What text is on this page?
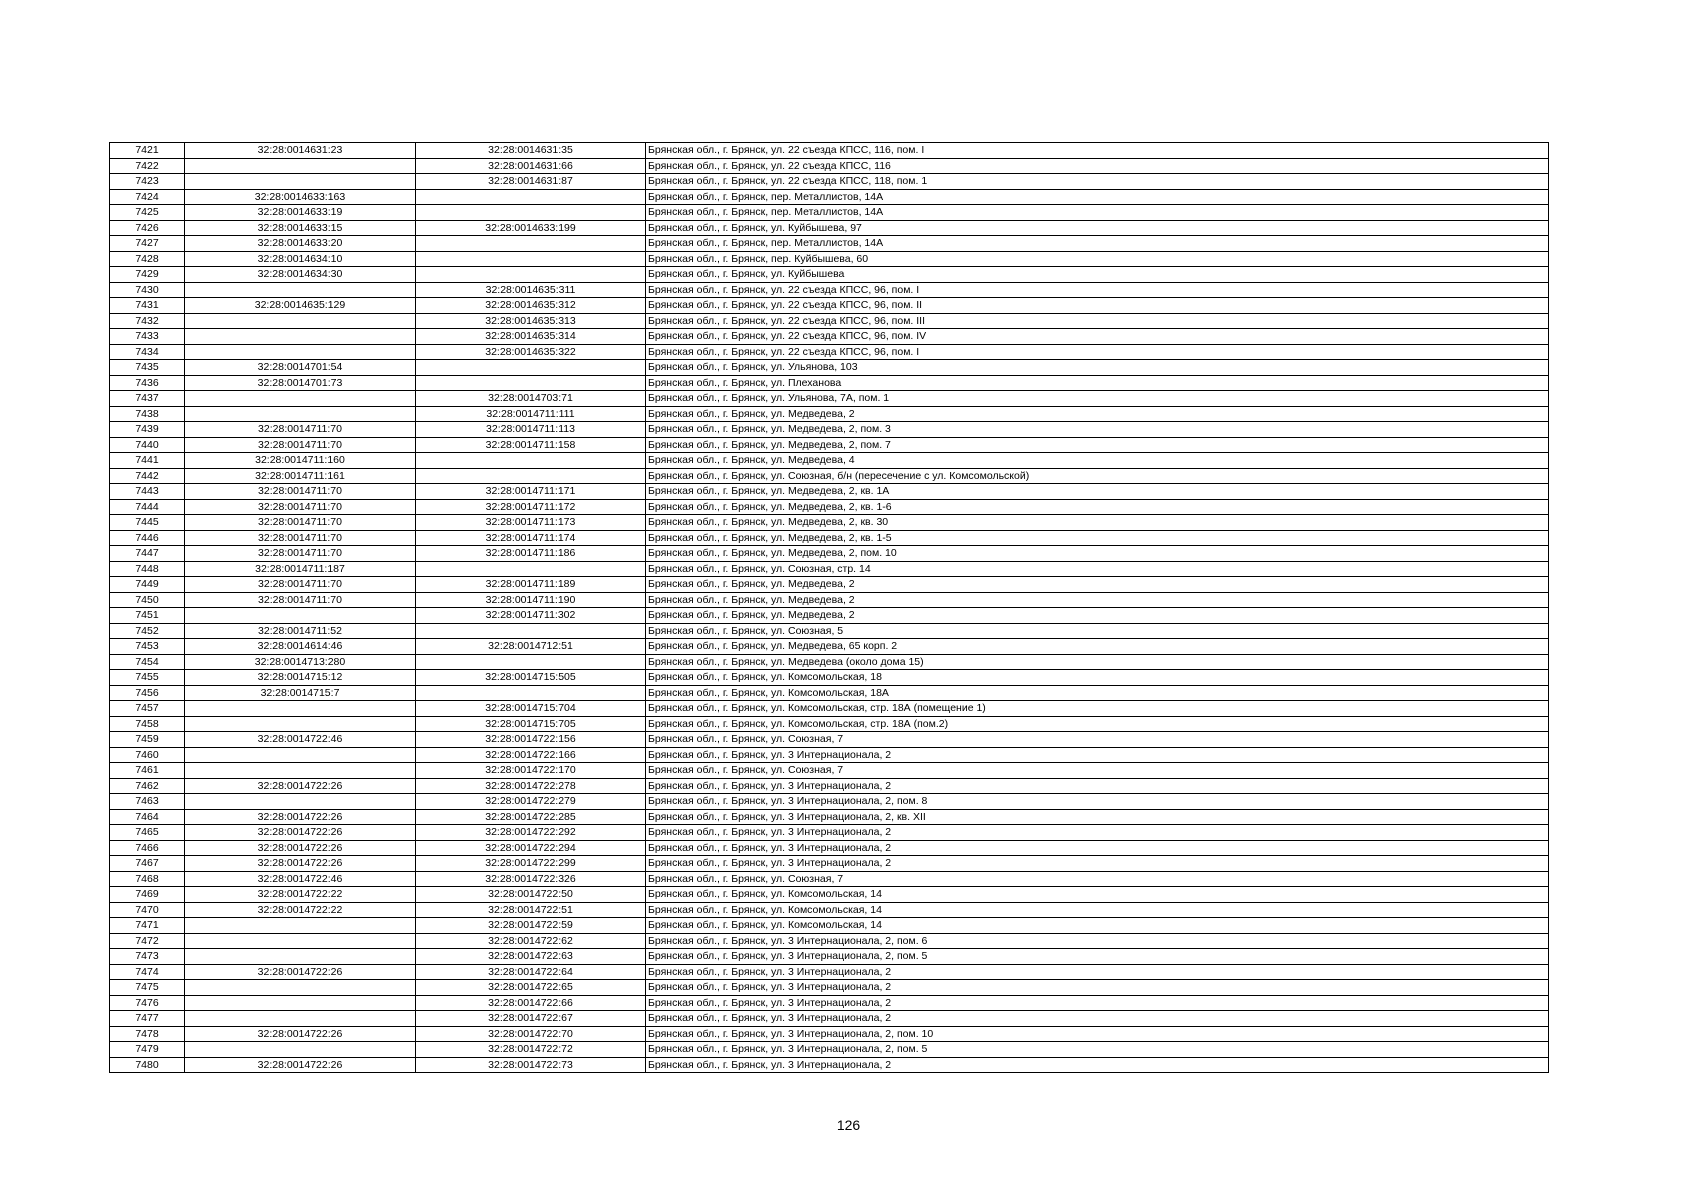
7421	32:28:0014631:23	32:28:0014631:35	Брянская обл., г. Брянск, ул. 22 съезда КПСС, 116, пом. I
7422		32:28:0014631:66	Брянская обл., г. Брянск, ул. 22 съезда КПСС, 116
7423		32:28:0014631:87	Брянская обл., г. Брянск, ул. 22 съезда КПСС, 118, пом. 1
7424	32:28:0014633:163		Брянская обл., г. Брянск, пер. Металлистов, 14А
7425	32:28:0014633:19		Брянская обл., г. Брянск, пер. Металлистов, 14А
7426	32:28:0014633:15	32:28:0014633:199	Брянская обл., г. Брянск, ул. Куйбышева, 97
7427	32:28:0014633:20		Брянская обл., г. Брянск, пер. Металлистов, 14А
7428	32:28:0014634:10		Брянская обл., г. Брянск, пер. Куйбышева, 60
7429	32:28:0014634:30		Брянская обл., г. Брянск, ул. Куйбышева
7430		32:28:0014635:311	Брянская обл., г. Брянск, ул. 22 съезда КПСС, 96, пом. I
7431	32:28:0014635:129	32:28:0014635:312	Брянская обл., г. Брянск, ул. 22 съезда КПСС, 96, пом. II
7432		32:28:0014635:313	Брянская обл., г. Брянск, ул. 22 съезда КПСС, 96, пом. III
7433		32:28:0014635:314	Брянская обл., г. Брянск, ул. 22 съезда КПСС, 96, пом. IV
7434		32:28:0014635:322	Брянская обл., г. Брянск, ул. 22 съезда КПСС, 96, пом. I
7435	32:28:0014701:54		Брянская обл., г. Брянск, ул. Ульянова, 103
7436	32:28:0014701:73		Брянская обл., г. Брянск, ул. Плеханова
7437		32:28:0014703:71	Брянская обл., г. Брянск, ул. Ульянова, 7А, пом. 1
7438		32:28:0014711:111	Брянская обл., г. Брянск, ул. Медведева, 2
7439	32:28:0014711:70	32:28:0014711:113	Брянская обл., г. Брянск, ул. Медведева, 2, пом. 3
7440	32:28:0014711:70	32:28:0014711:158	Брянская обл., г. Брянск, ул. Медведева, 2, пом. 7
7441	32:28:0014711:160		Брянская обл., г. Брянск, ул. Медведева, 4
7442	32:28:0014711:161		Брянская обл., г. Брянск, ул. Союзная, б/н (пересечение с ул. Комсомольской)
7443	32:28:0014711:70	32:28:0014711:171	Брянская обл., г. Брянск, ул. Медведева, 2, кв. 1А
7444	32:28:0014711:70	32:28:0014711:172	Брянская обл., г. Брянск, ул. Медведева, 2, кв. 1-6
7445	32:28:0014711:70	32:28:0014711:173	Брянская обл., г. Брянск, ул. Медведева, 2, кв. 30
7446	32:28:0014711:70	32:28:0014711:174	Брянская обл., г. Брянск, ул. Медведева, 2, кв. 1-5
7447	32:28:0014711:70	32:28:0014711:186	Брянская обл., г. Брянск, ул. Медведева, 2, пом. 10
7448	32:28:0014711:187		Брянская обл., г. Брянск, ул. Союзная, стр. 14
7449	32:28:0014711:70	32:28:0014711:189	Брянская обл., г. Брянск, ул. Медведева, 2
7450	32:28:0014711:70	32:28:0014711:190	Брянская обл., г. Брянск, ул. Медведева, 2
7451		32:28:0014711:302	Брянская обл., г. Брянск, ул. Медведева, 2
7452	32:28:0014711:52		Брянская обл., г. Брянск, ул. Союзная, 5
7453	32:28:0014614:46	32:28:0014712:51	Брянская обл., г. Брянск, ул. Медведева, 65 корп. 2
7454	32:28:0014713:280		Брянская обл., г. Брянск, ул. Медведева (около дома 15)
7455	32:28:0014715:12	32:28:0014715:505	Брянская обл., г. Брянск, ул. Комсомольская, 18
7456	32:28:0014715:7		Брянская обл., г. Брянск, ул. Комсомольская, 18А
7457		32:28:0014715:704	Брянская обл., г. Брянск, ул. Комсомольская, стр. 18А (помещение 1)
7458		32:28:0014715:705	Брянская обл., г. Брянск, ул. Комсомольская, стр. 18А (пом.2)
7459	32:28:0014722:46	32:28:0014722:156	Брянская обл., г. Брянск, ул. Союзная, 7
7460		32:28:0014722:166	Брянская обл., г. Брянск, ул. 3 Интернационала, 2
7461		32:28:0014722:170	Брянская обл., г. Брянск, ул. Союзная, 7
7462	32:28:0014722:26	32:28:0014722:278	Брянская обл., г. Брянск, ул. 3 Интернационала, 2
7463		32:28:0014722:279	Брянская обл., г. Брянск, ул. 3 Интернационала, 2, пом. 8
7464	32:28:0014722:26	32:28:0014722:285	Брянская обл., г. Брянск, ул. 3 Интернационала, 2, кв. XII
7465	32:28:0014722:26	32:28:0014722:292	Брянская обл., г. Брянск, ул. 3 Интернационала, 2
7466	32:28:0014722:26	32:28:0014722:294	Брянская обл., г. Брянск, ул. 3 Интернационала, 2
7467	32:28:0014722:26	32:28:0014722:299	Брянская обл., г. Брянск, ул. 3 Интернационала, 2
7468	32:28:0014722:46	32:28:0014722:326	Брянская обл., г. Брянск, ул. Союзная, 7
7469	32:28:0014722:22	32:28:0014722:50	Брянская обл., г. Брянск, ул. Комсомольская, 14
7470	32:28:0014722:22	32:28:0014722:51	Брянская обл., г. Брянск, ул. Комсомольская, 14
7471		32:28:0014722:59	Брянская обл., г. Брянск, ул. Комсомольская, 14
7472		32:28:0014722:62	Брянская обл., г. Брянск, ул. 3 Интернационала, 2, пом. 6
7473		32:28:0014722:63	Брянская обл., г. Брянск, ул. 3 Интернационала, 2, пом. 5
7474	32:28:0014722:26	32:28:0014722:64	Брянская обл., г. Брянск, ул. 3 Интернационала, 2
7475		32:28:0014722:65	Брянская обл., г. Брянск, ул. 3 Интернационала, 2
7476		32:28:0014722:66	Брянская обл., г. Брянск, ул. 3 Интернационала, 2
7477		32:28:0014722:67	Брянская обл., г. Брянск, ул. 3 Интернационала, 2
7478	32:28:0014722:26	32:28:0014722:70	Брянская обл., г. Брянск, ул. 3 Интернационала, 2, пом. 10
7479		32:28:0014722:72	Брянская обл., г. Брянск, ул. 3 Интернационала, 2, пом. 5
7480	32:28:0014722:26	32:28:0014722:73	Брянская обл., г. Брянск, ул. 3 Интернационала, 2
126
